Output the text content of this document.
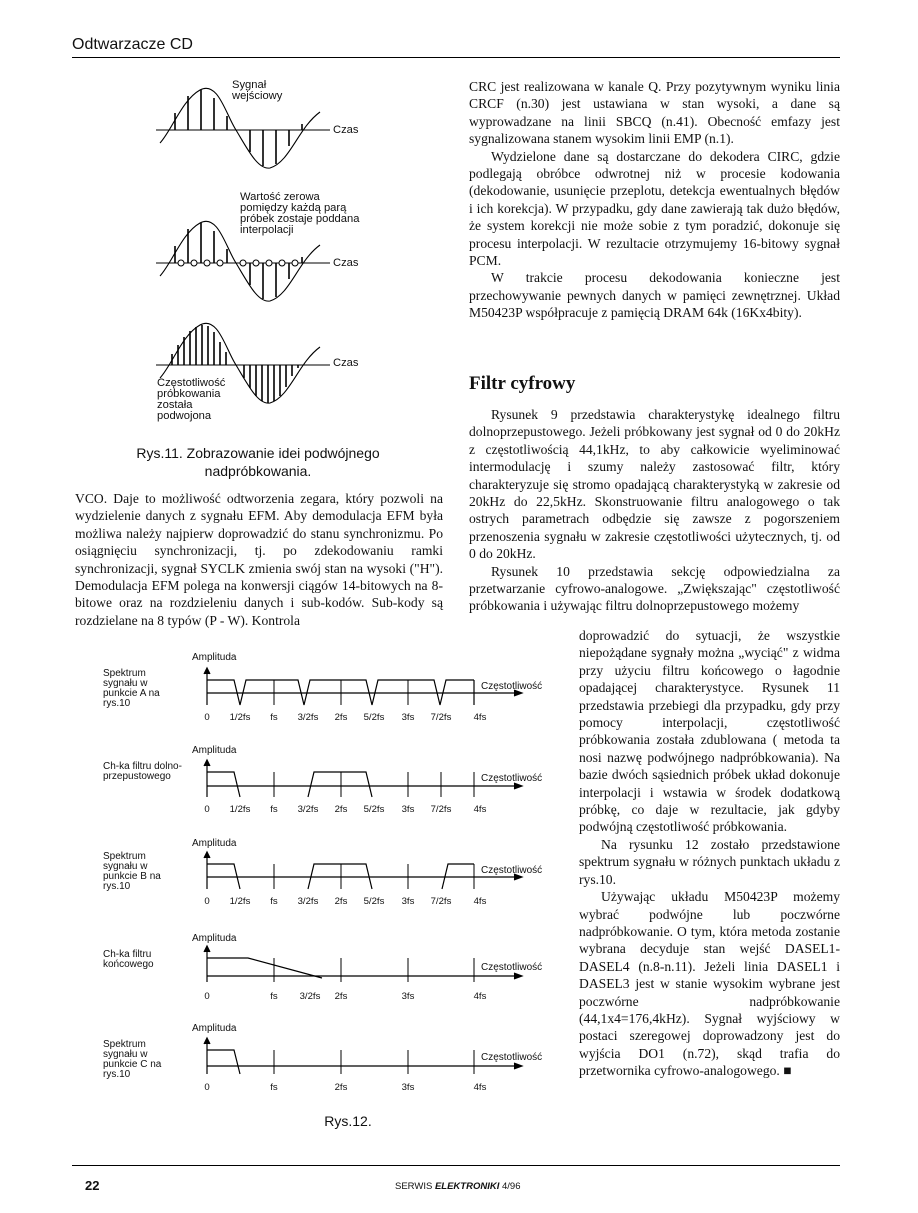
Odtwarzacze CD
Sygnał wejściowy
Czas
Wartość zerowa pomiędzy każdą parą próbek zostaje poddana interpolacji
Czas
Czas
Częstotliwość próbkowania została podwojona
Rys.11. Zobrazowanie idei podwójnego
nadpróbkowania.

VCO. Daje to możliwość odtworzenia zegara, który pozwoli na wydzielenie danych z sygnału EFM. Aby demodulacja EFM była możliwa należy najpierw doprowadzić do stanu synchronizmu. Po osiągnięciu synchronizacji, tj. po zdekodowaniu ramki synchronizacji, sygnał SYCLK zmienia swój stan na wysoki ("H"). Demodulacja EFM polega na konwersji ciągów 14-bitowych na 8-bitowe oraz na rozdzieleniu danych i sub-kodów. Sub-kody są rozdzielane na 8 typów (P - W). Kontrola

CRC jest realizowana w kanale Q. Przy pozytywnym wyniku linia CRCF (n.30) jest ustawiana w stan wysoki, a dane są wyprowadzane na linii SBCQ (n.41). Obecność emfazy jest sygnalizowana stanem wysokim linii EMP (n.1).

Wydzielone dane są dostarczane do dekodera CIRC, gdzie podlegają obróbce odwrotnej niż w procesie kodowania (dekodowanie, usunięcie przeplotu, detekcja ewentualnych błędów i ich korekcja). W przypadku, gdy dane zawierają tak dużo błędów, że system korekcji nie może sobie z tym poradzić, dokonuje się procesu interpolacji. W rezultacie otrzymujemy 16-bitowy sygnał PCM.

W trakcie procesu dekodowania konieczne jest przechowywanie pewnych danych w pamięci zewnętrznej. Układ M50423P współpracuje z pamięcią DRAM 64k (16Kx4bity).

Filtr cyfrowy

Rysunek 9 przedstawia charakterystykę idealnego filtru dolnoprzepustowego. Jeżeli próbkowany jest sygnał od 0 do 20kHz z częstotliwością 44,1kHz, to aby całkowicie wyeliminować intermodulację i szumy należy zastosować filtr, który charakteryzuje się stromo opadającą charakterystyką w zakresie od 20kHz do 22,5kHz. Skonstruowanie filtru analogowego o tak ostrych parametrach odbędzie się zawsze z pogorszeniem przenoszenia sygnału w zakresie częstotliwości użytecznych, tj. od 0 do 20kHz.

Rysunek 10 przedstawia sekcję odpowiedzialna za przetwarzanie cyfrowo-analogowe. „Zwiększając" częstotliwość próbkowania i używając filtru dolnoprzepustowego możemy

doprowadzić do sytuacji, że wszystkie niepożądane sygnały można „wyciąć" z widma przy użyciu filtru końcowego o łagodnie opadającej charakterystyce. Rysunek 11 przedstawia przebiegi dla przypadku, gdy przy pomocy interpolacji, częstotliwość próbkowania została zdublowana ( metoda ta nosi nazwę podwójnego nadpróbkowania). Na bazie dwóch sąsiednich próbek układ dokonuje interpolacji i wstawia w środek dodatkową próbkę, co daje w rezultacie, jak gdyby podwójną częstotliwość próbkowania.

Na rysunku 12 zostało przedstawione spektrum sygnału w różnych punktach układu z rys.10.

Używając układu M50423P możemy wybrać podwójne lub poczwórne nadpróbkowanie. O tym, która metoda zostanie wybrana decyduje stan wejść DASEL1-DASEL4 (n.8-n.11). Jeżeli linia DASEL1 i DASEL3 jest w stanie wysokim wybrane jest poczwórne nadpróbkowanie (44,1x4=176,4kHz). Sygnał wyjściowy w postaci szeregowej doprowadzony jest do wyjścia DO1 (n.72), skąd trafia do przetwornika cyfrowo-analogowego. ■

Spektrum sygnału w punkcie A na rys.10
Ch-ka filtru dolno-przepustowego
Spektrum sygnału w punkcie B na rys.10
Ch-ka filtru końcowego
Spektrum sygnału w punkcie C na rys.10
Amplituda
Amplituda
Amplituda
Amplituda
Amplituda
Częstotliwość
Częstotliwość
Częstotliwość
Częstotliwość
Częstotliwość
0 1/2fs fs 3/2fs 2fs 5/2fs 3fs 7/2fs 4fs
0 1/2fs fs 3/2fs 2fs 5/2fs 3fs 7/2fs 4fs
0 1/2fs fs 3/2fs 2fs 5/2fs 3fs 7/2fs 4fs
0	fs 3/2fs 2fs	3fs	4fs
0	fs	2fs	3fs	4fs
Rys.12.
22	SERWIS ELEKTRONIKI 4/96
